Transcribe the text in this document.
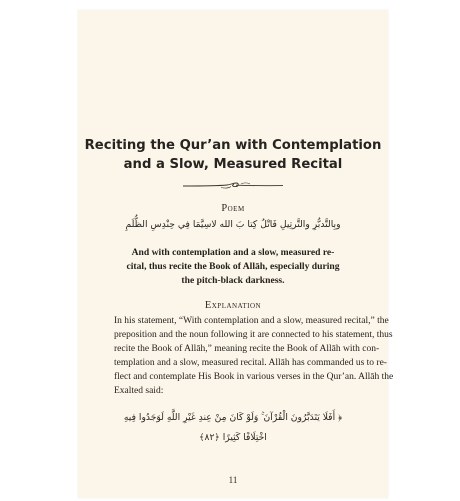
Reciting the Qur’an with Contemplation
and a Slow, Measured Recital
Poem
وبِالتَّدبُّرِ والتَّرتِيلِ فَاتْلُ كِتا بَ الله لاسِيَّمَا فِي حِنْدِسِ الظُّلَمِ
And with contemplation and a slow, measured re-
cital, thus recite the Book of Allāh, especially during
the pitch-black darkness.
Explanation
In his statement, “With contemplation and a slow, measured recital,” the
preposition and the noun following it are connected to his statement, thus
recite the Book of Allāh,” meaning recite the Book of Allāh with con-
templation and a slow, measured recital. Allāh has commanded us to re-
flect and contemplate His Book in various verses in the Qur’an. Allāh the
Exalted said:
﴿ أَفَلَا يَتَدَبَّرُونَ الْقُرْآنَ ۚ وَلَوْ كَانَ مِنْ عِندِ غَيْرِ اللَّهِ لَوَجَدُوا فِيهِ
اخْتِلَافًا كَثِيرًا ﴿٨٢﴾
11
